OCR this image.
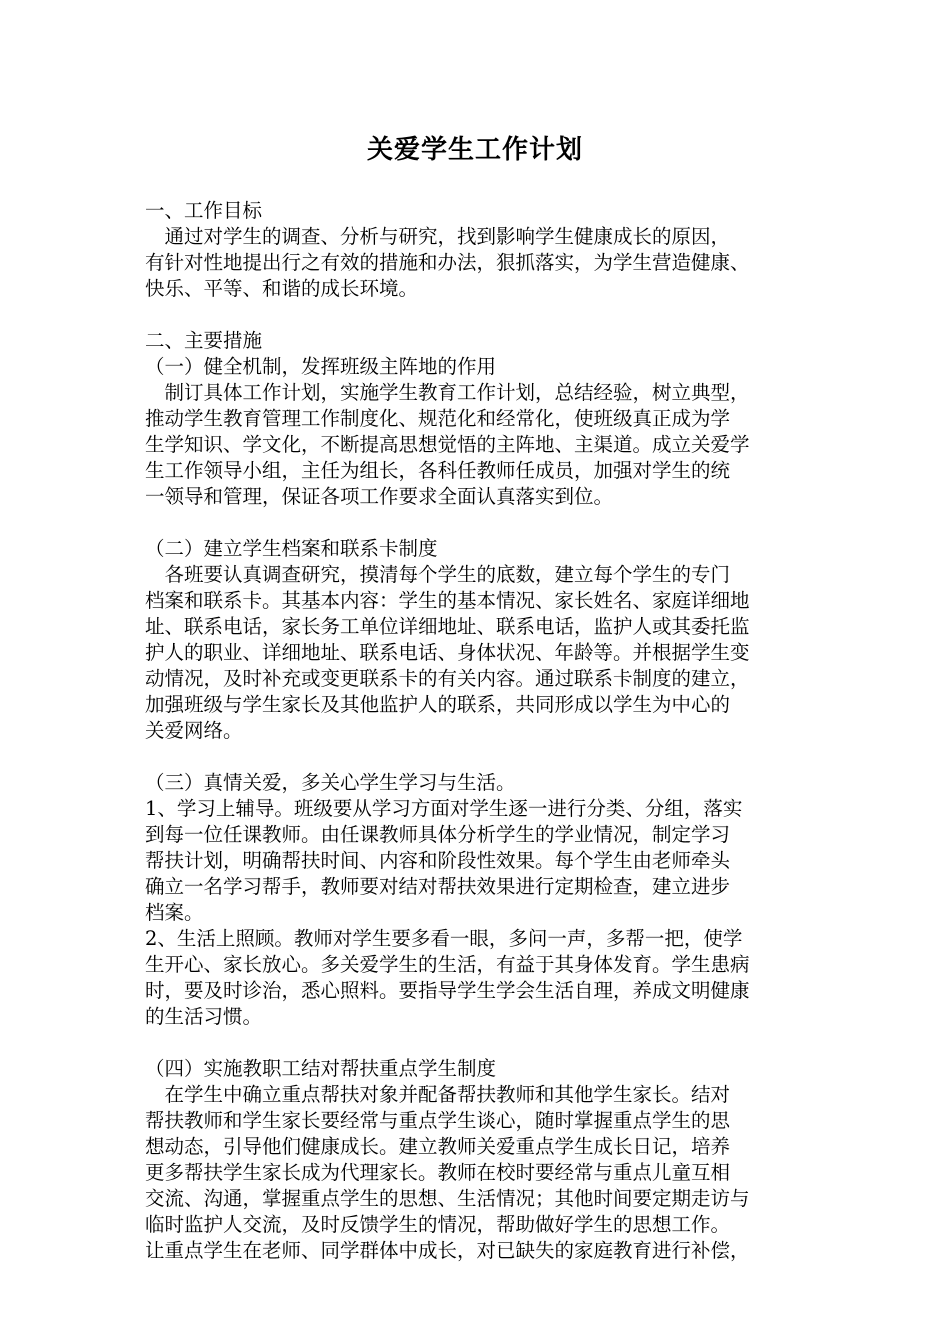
关爱学生工作计划

一、工作目标

　通过对学生的调查、分析与研究，找到影响学生健康成长的原因，
有针对性地提出行之有效的措施和办法，狠抓落实，为学生营造健康、
快乐、平等、和谐的成长环境。

二、主要措施

（一）健全机制，发挥班级主阵地的作用

　制订具体工作计划，实施学生教育工作计划，总结经验，树立典型，
推动学生教育管理工作制度化、规范化和经常化，使班级真正成为学
生学知识、学文化，不断提高思想觉悟的主阵地、主渠道。成立关爱学
生工作领导小组，主任为组长，各科任教师任成员，加强对学生的统
一领导和管理，保证各项工作要求全面认真落实到位。

（二）建立学生档案和联系卡制度

　各班要认真调查研究，摸清每个学生的底数，建立每个学生的专门
档案和联系卡。其基本内容：学生的基本情况、家长姓名、家庭详细地
址、联系电话，家长务工单位详细地址、联系电话，监护人或其委托监
护人的职业、详细地址、联系电话、身体状况、年龄等。并根据学生变
动情况，及时补充或变更联系卡的有关内容。通过联系卡制度的建立，
加强班级与学生家长及其他监护人的联系，共同形成以学生为中心的
关爱网络。

（三）真情关爱，多关心学生学习与生活。

1、学习上辅导。班级要从学习方面对学生逐一进行分类、分组，落实
到每一位任课教师。由任课教师具体分析学生的学业情况，制定学习
帮扶计划，明确帮扶时间、内容和阶段性效果。每个学生由老师牵头
确立一名学习帮手，教师要对结对帮扶效果进行定期检查，建立进步
档案。

2、生活上照顾。教师对学生要多看一眼，多问一声，多帮一把，使学
生开心、家长放心。多关爱学生的生活，有益于其身体发育。学生患病
时，要及时诊治，悉心照料。要指导学生学会生活自理，养成文明健康
的生活习惯。

（四）实施教职工结对帮扶重点学生制度

　在学生中确立重点帮扶对象并配备帮扶教师和其他学生家长。结对
帮扶教师和学生家长要经常与重点学生谈心，随时掌握重点学生的思
想动态，引导他们健康成长。建立教师关爱重点学生成长日记，培养
更多帮扶学生家长成为代理家长。教师在校时要经常与重点儿童互相
交流、沟通，掌握重点学生的思想、生活情况；其他时间要定期走访与
临时监护人交流，及时反馈学生的情况，帮助做好学生的思想工作。
让重点学生在老师、同学群体中成长，对已缺失的家庭教育进行补偿，
